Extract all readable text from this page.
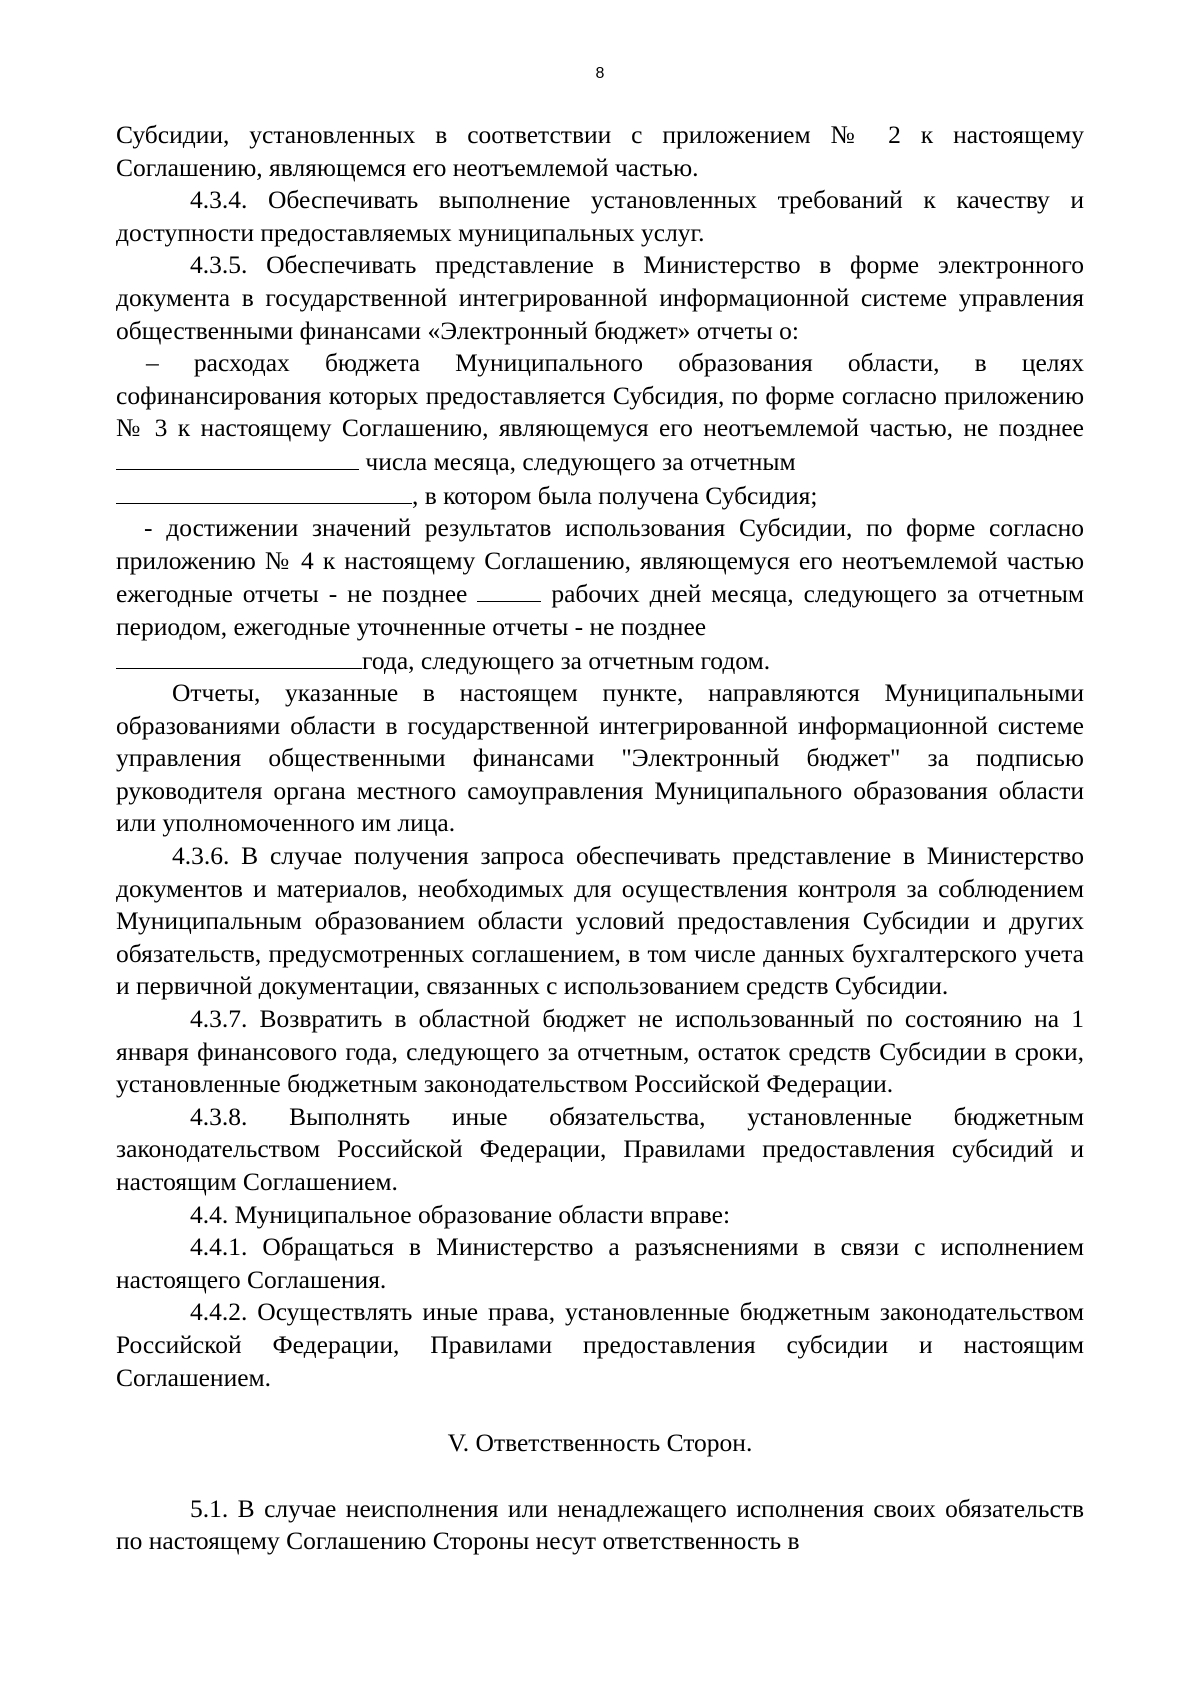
8

Субсидии, установленных в соответствии с приложением № 2 к настоящему Соглашению, являющемся его неотъемлемой частью.

4.3.4. Обеспечивать выполнение установленных требований к качеству и доступности предоставляемых муниципальных услуг.

4.3.5. Обеспечивать представление в Министерство в форме электронного документа в государственной интегрированной информационной системе управления общественными финансами «Электронный бюджет» отчеты о:

– расходах бюджета Муниципального образования области, в целях софинансирования которых предоставляется Субсидия, по форме согласно приложению № 3 к настоящему Соглашению, являющемуся его неотъемлемой частью, не позднее  числа месяца, следующего за отчетным
, в котором была получена Субсидия;

- достижении значений результатов использования Субсидии, по форме согласно приложению № 4 к настоящему Соглашению, являющемуся его неотъемлемой частью ежегодные отчеты - не позднее	рабочих дней месяца, следующего за отчетным периодом, ежегодные уточненные отчеты - не позднее
года, следующего за отчетным годом.

Отчеты, указанные в настоящем пункте, направляются Муниципальными образованиями области в государственной интегрированной информационной системе управления общественными финансами "Электронный бюджет" за подписью руководителя органа местного самоуправления Муниципального образования области или уполномоченного им лица.

4.3.6. В случае получения запроса обеспечивать представление в Министерство документов и материалов, необходимых для осуществления контроля за соблюдением Муниципальным образованием области условий предоставления Субсидии и других обязательств, предусмотренных соглашением, в том числе данных бухгалтерского учета и первичной документации, связанных с использованием средств Субсидии.

4.3.7. Возвратить в областной бюджет не использованный по состоянию на 1 января финансового года, следующего за отчетным, остаток средств Субсидии в сроки, установленные бюджетным законодательством Российской Федерации.

4.3.8. Выполнять иные обязательства, установленные бюджетным законодательством Российской Федерации, Правилами предоставления субсидий и настоящим Соглашением.

4.4. Муниципальное образование области вправе:

4.4.1. Обращаться в Министерство а разъяснениями в связи с исполнением настоящего Соглашения.

4.4.2. Осуществлять иные права, установленные бюджетным законодательством Российской Федерации, Правилами предоставления субсидии и настоящим Соглашением.

V. Ответственность Сторон.

5.1. В случае неисполнения или ненадлежащего исполнения своих обязательств по настоящему Соглашению Стороны несут ответственность в
